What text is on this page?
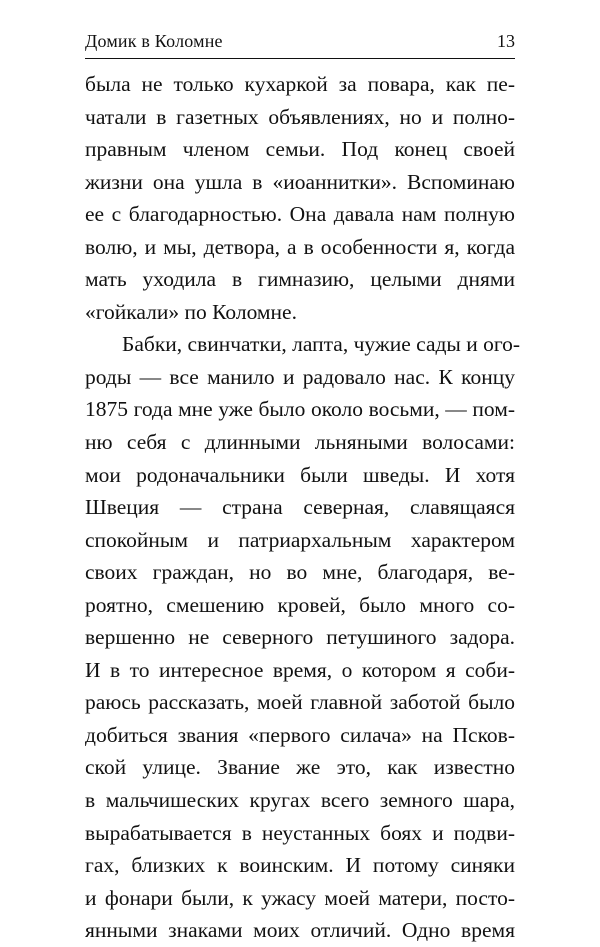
Домик в Коломне	13
была не только кухаркой за повара, как пе-
чатали в газетных объявлениях, но и полно-
правным членом семьи. Под конец своей
жизни она ушла в «иоаннитки». Вспоминаю
ее с благодарностью. Она давала нам полную
волю, и мы, детвора, а в особенности я, когда
мать уходила в гимназию, целыми днями
«гойкали» по Коломне.
Бабки, свинчатки, лапта, чужие сады и ого-
роды — все манило и радовало нас. К концу
1875 года мне уже было около восьми, — пом-
ню себя с длинными льняными волосами:
мои родоначальники были шведы. И хотя
Швеция — страна северная, славящаяся
спокойным и патриархальным характером
своих граждан, но во мне, благодаря, ве-
роятно, смешению кровей, было много со-
вершенно не северного петушиного задора.
И в то интересное время, о котором я соби-
раюсь рассказать, моей главной заботой было
добиться звания «первого силача» на Псков-
ской улице. Звание же это, как известно
в мальчишеских кругах всего земного шара,
вырабатывается в неустанных боях и подви-
гах, близких к воинским. И потому синяки
и фонари были, к ужасу моей матери, посто-
янными знаками моих отличий. Одно время
